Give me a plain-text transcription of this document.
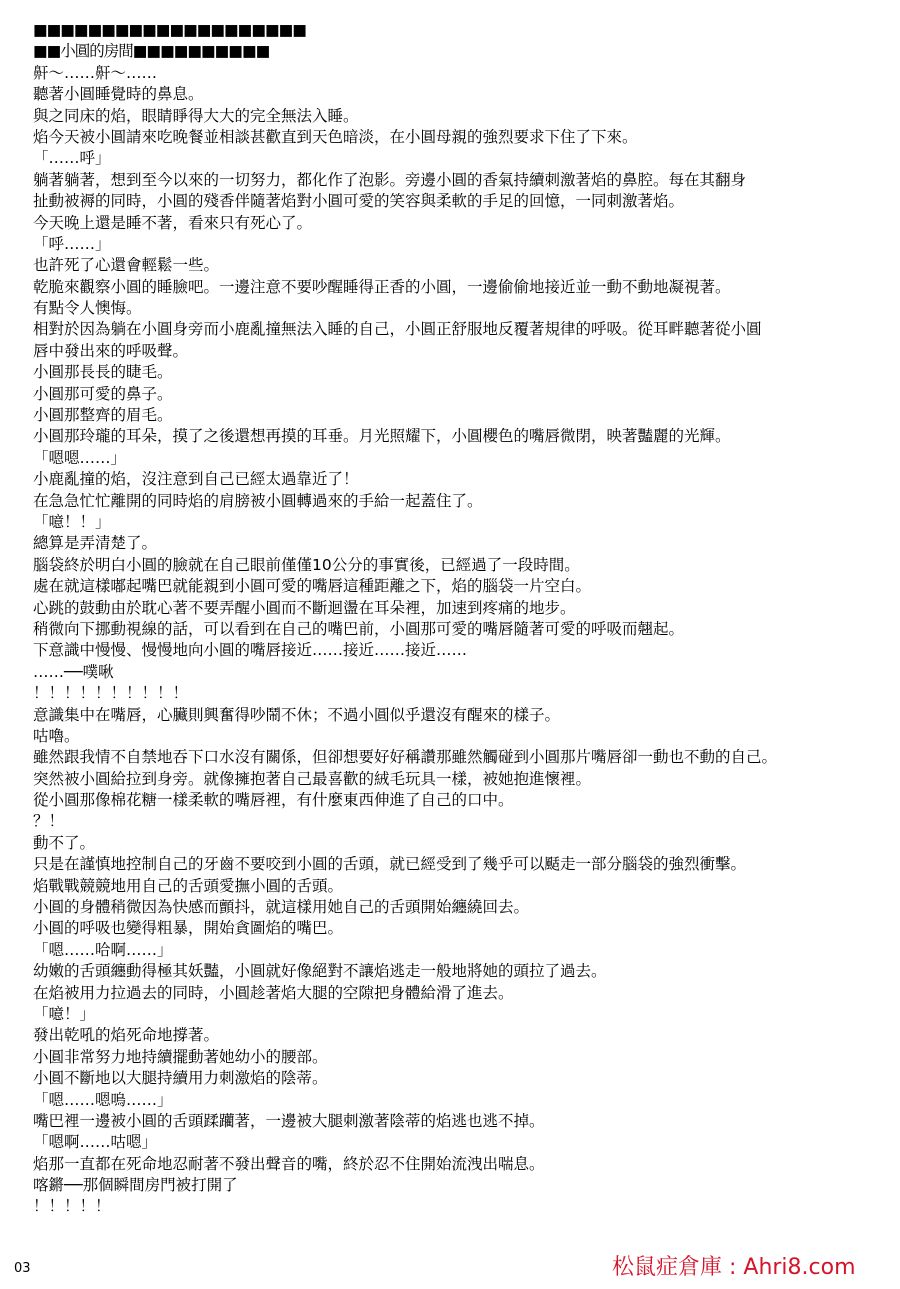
■■■■■■■■■■■■■■■■■■■■
■■小圓的房間■■■■■■■■■■
鼾～……鼾～……
聽著小圓睡覺時的鼻息。
與之同床的焰，眼睛睜得大大的完全無法入睡。
焰今天被小圓請來吃晚餐並相談甚歡直到天色暗淡，在小圓母親的強烈要求下住了下來。
「……呼」
躺著躺著，想到至今以來的一切努力，都化作了泡影。旁邊小圓的香氣持續刺激著焰的鼻腔。每在其翻身
扯動被褥的同時，小圓的殘香伴隨著焰對小圓可愛的笑容與柔軟的手足的回憶，一同刺激著焰。
今天晚上還是睡不著，看來只有死心了。
「呼……」
也許死了心還會輕鬆一些。
乾脆來觀察小圓的睡臉吧。一邊注意不要吵醒睡得正香的小圓，一邊偷偷地接近並一動不動地凝視著。
有點令人懊悔。
相對於因為躺在小圓身旁而小鹿亂撞無法入睡的自己，小圓正舒服地反覆著規律的呼吸。從耳畔聽著從小圓
唇中發出來的呼吸聲。
小圓那長長的睫毛。
小圓那可愛的鼻子。
小圓那整齊的眉毛。
小圓那玲瓏的耳朵，摸了之後還想再摸的耳垂。月光照耀下，小圓櫻色的嘴唇微閉，映著豔麗的光輝。
「嗯嗯……」
小鹿亂撞的焰，沒注意到自己已經太過靠近了！
在急急忙忙離開的同時焰的肩膀被小圓轉過來的手給一起蓋住了。
「噫！！」
總算是弄清楚了。
腦袋終於明白小圓的臉就在自己眼前僅僅10公分的事實後，已經過了一段時間。
處在就這樣嘟起嘴巴就能親到小圓可愛的嘴唇這種距離之下，焰的腦袋一片空白。
心跳的鼓動由於耽心著不要弄醒小圓而不斷迴盪在耳朵裡，加速到疼痛的地步。
稍微向下挪動視線的話，可以看到在自己的嘴巴前，小圓那可愛的嘴唇隨著可愛的呼吸而翹起。
下意識中慢慢、慢慢地向小圓的嘴唇接近……接近……接近……
……──噗啾
！！！！！！！！！！
意識集中在嘴唇，心臟則興奮得吵鬧不休；不過小圓似乎還沒有醒來的樣子。
咕嚕。
雖然跟我情不自禁地吞下口水沒有關係，但卻想要好好稱讚那雖然觸碰到小圓那片嘴唇卻一動也不動的自己。
突然被小圓給拉到身旁。就像擁抱著自己最喜歡的絨毛玩具一樣，被她抱進懷裡。
從小圓那像棉花糖一樣柔軟的嘴唇裡，有什麼東西伸進了自己的口中。
？！
動不了。
只是在謹慎地控制自己的牙齒不要咬到小圓的舌頭，就已經受到了幾乎可以颳走一部分腦袋的強烈衝擊。
焰戰戰競競地用自己的舌頭愛撫小圓的舌頭。
小圓的身體稍微因為快感而顫抖，就這樣用她自己的舌頭開始纏繞回去。
小圓的呼吸也變得粗暴，開始貪圖焰的嘴巴。
「嗯……哈啊……」
幼嫩的舌頭纏動得極其妖豔，小圓就好像絕對不讓焰逃走一般地將她的頭拉了過去。
在焰被用力拉過去的同時，小圓趁著焰大腿的空隙把身體給滑了進去。
「噫！」
發出乾吼的焰死命地撐著。
小圓非常努力地持續擺動著她幼小的腰部。
小圓不斷地以大腿持續用力刺激焰的陰蒂。
「嗯……嗯嗚……」
嘴巴裡一邊被小圓的舌頭蹂躪著，一邊被大腿刺激著陰蒂的焰逃也逃不掉。
「嗯啊……咕嗯」
焰那一直都在死命地忍耐著不發出聲音的嘴，終於忍不住開始流洩出喘息。
喀鏘──那個瞬間房門被打開了
！！！！！
03	松鼠症倉庫 : Ahri8.com
